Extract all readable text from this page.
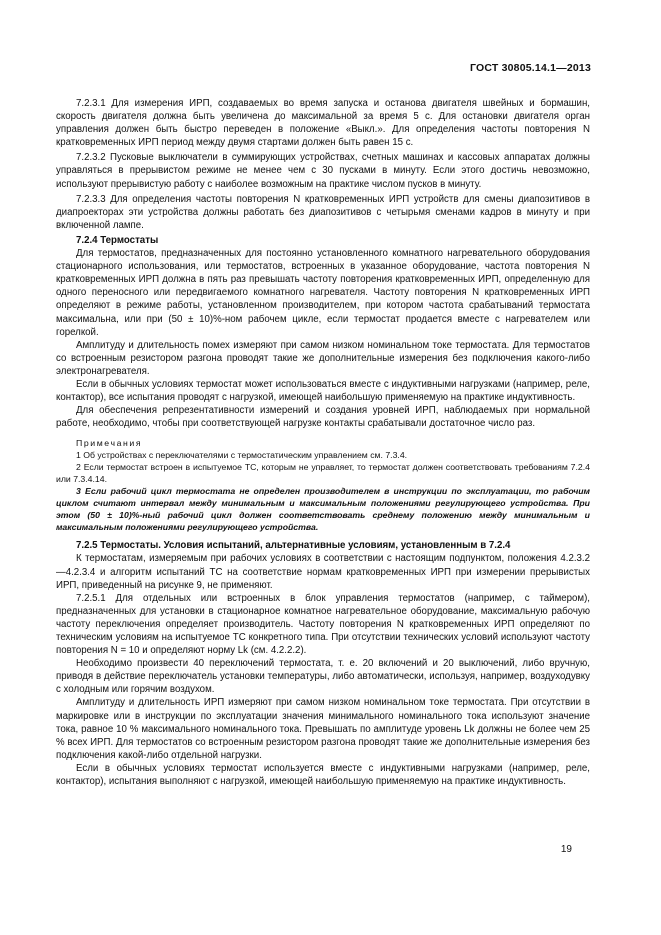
ГОСТ 30805.14.1—2013

7.2.3.1 Для измерения ИРП, создаваемых во время запуска и останова двигателя швейных и бормашин, скорость двигателя должна быть увеличена до максимальной за время 5 с. Для остановки двигателя орган управления должен быть быстро переведен в положение «Выкл.». Для определения частоты повторения N кратковременных ИРП период между двумя стартами должен быть равен 15 с.

7.2.3.2 Пусковые выключатели в суммирующих устройствах, счетных машинах и кассовых аппаратах должны управляться в прерывистом режиме не менее чем с 30 пусками в минуту. Если этого достичь невозможно, используют прерывистую работу с наиболее возможным на практике числом пусков в минуту.

7.2.3.3 Для определения частоты повторения N кратковременных ИРП устройств для смены диапозитивов в диапроекторах эти устройства должны работать без диапозитивов с четырьмя сменами кадров в минуту и при включенной лампе.

7.2.4 Термостаты

Для термостатов, предназначенных для постоянно установленного комнатного нагревательного оборудования стационарного использования, или термостатов, встроенных в указанное оборудование, частота повторения N кратковременных ИРП должна в пять раз превышать частоту повторения кратковременных ИРП, определенную для одного переносного или передвигаемого комнатного нагревателя. Частоту повторения N кратковременных ИРП определяют в режиме работы, установленном производителем, при котором частота срабатываний термостата максимальна, или при (50 ± 10)%-ном рабочем цикле, если термостат продается вместе с нагревателем или горелкой.

Амплитуду и длительность помех измеряют при самом низком номинальном токе термостата. Для термостатов со встроенным резистором разгона проводят такие же дополнительные измерения без подключения какого-либо электронагревателя.

Если в обычных условиях термостат может использоваться вместе с индуктивными нагрузками (например, реле, контактор), все испытания проводят с нагрузкой, имеющей наибольшую применяемую на практике индуктивность.

Для обеспечения репрезентативности измерений и создания уровней ИРП, наблюдаемых при нормальной работе, необходимо, чтобы при соответствующей нагрузке контакты срабатывали достаточное число раз.

Примечания

1 Об устройствах с переключателями с термостатическим управлением см. 7.3.4.

2 Если термостат встроен в испытуемое ТС, которым не управляет, то термостат должен соответствовать требованиям 7.2.4 или 7.3.4.14.

3 Если рабочий цикл термостата не определен производителем в инструкции по эксплуатации, то рабочим циклом считают интервал между минимальным и максимальным положениями регулирующего устройства. При этом (50 ± 10)%-ный рабочий цикл должен соответствовать среднему положению между минимальным и максимальным положениями регулирующего устройства.

7.2.5 Термостаты. Условия испытаний, альтернативные условиям, установленным в 7.2.4

К термостатам, измеряемым при рабочих условиях в соответствии с настоящим подпунктом, положения 4.2.3.2—4.2.3.4 и алгоритм испытаний ТС на соответствие нормам кратковременных ИРП при измерении прерывистых ИРП, приведенный на рисунке 9, не применяют.

7.2.5.1 Для отдельных или встроенных в блок управления термостатов (например, с таймером), предназначенных для установки в стационарное комнатное нагревательное оборудование, максимальную рабочую частоту переключения определяет производитель. Частоту повторения N кратковременных ИРП определяют по техническим условиям на испытуемое ТС конкретного типа. При отсутствии технических условий используют частоту повторения N = 10 и определяют норму Lk (см. 4.2.2.2).

Необходимо произвести 40 переключений термостата, т. е. 20 включений и 20 выключений, либо вручную, приводя в действие переключатель установки температуры, либо автоматически, используя, например, воздуходувку с холодным или горячим воздухом.

Амплитуду и длительность ИРП измеряют при самом низком номинальном токе термостата. При отсутствии в маркировке или в инструкции по эксплуатации значения минимального номинального тока используют значение тока, равное 10 % максимального номинального тока. Превышать по амплитуде уровень Lk должны не более чем 25 % всех ИРП. Для термостатов со встроенным резистором разгона проводят такие же дополнительные измерения без подключения какой-либо отдельной нагрузки.

Если в обычных условиях термостат используется вместе с индуктивными нагрузками (например, реле, контактор), испытания выполняют с нагрузкой, имеющей наибольшую применяемую на практике индуктивность.

19
